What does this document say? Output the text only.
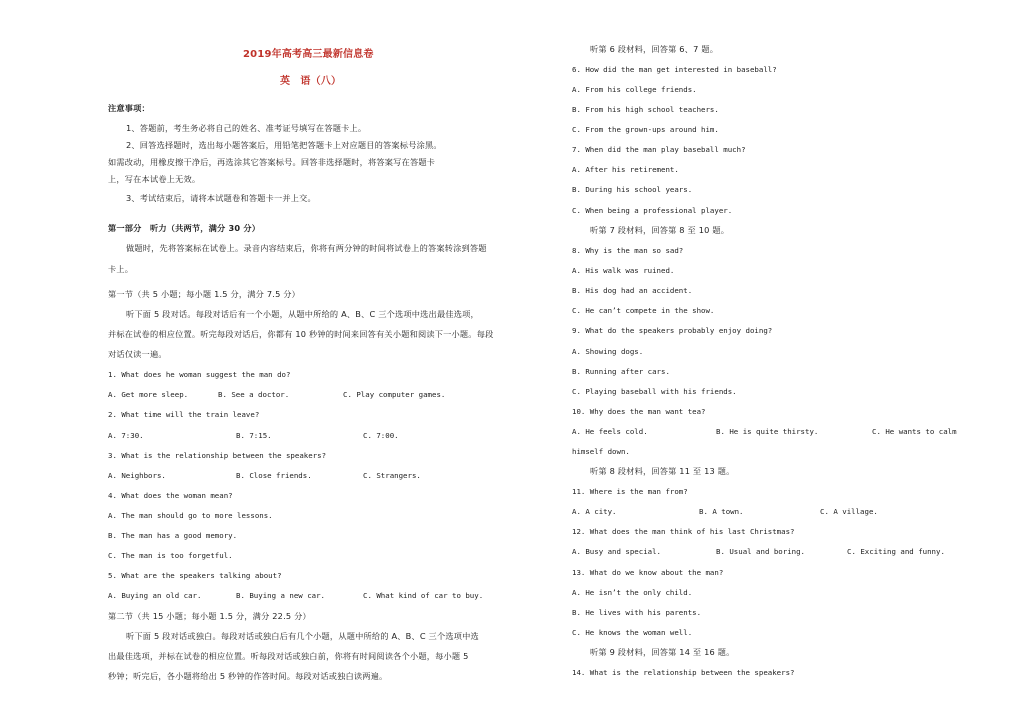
2019年高考高三最新信息卷
英　语（八）
注意事项：
1、答题前，考生务必将自己的姓名、准考证号填写在答题卡上。
2、回答选择题时，选出每小题答案后，用铅笔把答题卡上对应题目的答案标号涂黑。
如需改动，用橡皮擦干净后，再选涂其它答案标号。回答非选择题时，将答案写在答题卡
上，写在本试卷上无效。
3、考试结束后，请将本试题卷和答题卡一并上交。
第一部分　听力（共两节，满分 30 分）
做题时，先将答案标在试卷上。录音内容结束后，你将有两分钟的时间将试卷上的答案转涂到答题
卡上。
第一节（共 5 小题；每小题 1.5 分，满分 7.5 分）
听下面 5 段对话。每段对话后有一个小题，从题中所给的 A、B、C 三个选项中选出最佳选项，
并标在试卷的相应位置。听完每段对话后，你都有 10 秒钟的时间来回答有关小题和阅读下一小题。每段
对话仅读一遍。
1. What does he woman suggest the man do?
A. Get more sleep.	B. See a doctor.	C. Play computer games.
2. What time will the train leave?
A. 7:30.	B. 7:15.	C. 7:00.
3. What is the relationship between the speakers?
A. Neighbors.	B. Close friends.	C. Strangers.
4. What does the woman mean?
A. The man should go to more lessons.
B. The man has a good memory.
C. The man is too forgetful.
5. What are the speakers talking about?
A. Buying an old car.	B. Buying a new car.	C. What kind of car to buy.
第二节（共 15 小题；每小题 1.5 分，满分 22.5 分）
听下面 5 段对话或独白。每段对话或独白后有几个小题，从题中所给的 A、B、C 三个选项中选
出最佳选项，并标在试卷的相应位置。听每段对话或独白前，你将有时间阅读各个小题，每小题 5
秒钟；听完后，各小题将给出 5 秒钟的作答时间。每段对话或独白读两遍。
听第 6 段材料，回答第 6、7 题。
6. How did the man get interested in baseball?
A. From his college friends.
B. From his high school teachers.
C. From the grown-ups around him.
7. When did the man play baseball much?
A. After his retirement.
B. During his school years.
C. When being a professional player.
听第 7 段材料，回答第 8 至 10 题。
8. Why is the man so sad?
A. His walk was ruined.
B. His dog had an accident.
C. He can’t compete in the show.
9. What do the speakers probably enjoy doing?
A. Showing dogs.
B. Running after cars.
C. Playing baseball with his friends.
10. Why does the man want tea?
A. He feels cold.	B. He is quite thirsty.	C. He wants to calm
himself down.
听第 8 段材料，回答第 11 至 13 题。
11. Where is the man from?
A. A city.	B. A town.	C. A village.
12. What does the man think of his last Christmas?
A. Busy and special.	B. Usual and boring.	C. Exciting and funny.
13. What do we know about the man?
A. He isn’t the only child.
B. He lives with his parents.
C. He knows the woman well.
听第 9 段材料，回答第 14 至 16 题。
14. What is the relationship between the speakers?
